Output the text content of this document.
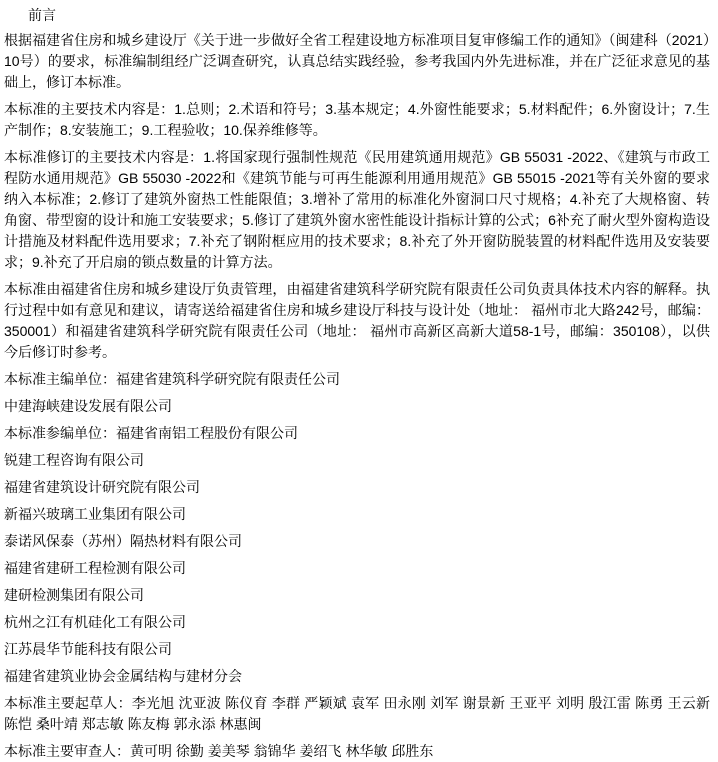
前言

根据福建省住房和城乡建设厅《关于进一步做好全省工程建设地方标准项目复审修编工作的通知》（闽建科（2021）10号）的要求，标准编制组经广泛调查研究，认真总结实践经验，参考我国内外先进标准，并在广泛征求意见的基础上，修订本标准。

本标准的主要技术内容是：1.总则；2.术语和符号；3.基本规定；4.外窗性能要求；5.材料配件；6.外窗设计；7.生产制作；8.安装施工；9.工程验收；10.保养维修等。

本标准修订的主要技术内容是：1.将国家现行强制性规范《民用建筑通用规范》GB 55031 -2022、《建筑与市政工程防水通用规范》GB 55030 -2022和《建筑节能与可再生能源利用通用规范》GB 55015 -2021等有关外窗的要求纳入本标准；2.修订了建筑外窗热工性能限值；3.增补了常用的标准化外窗洞口尺寸规格；4.补充了大规格窗、转角窗、带型窗的设计和施工安装要求；5.修订了建筑外窗水密性能设计指标计算的公式；6补充了耐火型外窗构造设计措施及材料配件选用要求；7.补充了钢附框应用的技术要求；8.补充了外开窗防脱装置的材料配件选用及安装要求；9.补充了开启扇的锁点数量的计算方法。

本标准由福建省住房和城乡建设厅负责管理，由福建省建筑科学研究院有限责任公司负责具体技术内容的解释。执行过程中如有意见和建议，请寄送给福建省住房和城乡建设厅科技与设计处（地址： 福州市北大路242号，邮编：350001）和福建省建筑科学研究院有限责任公司（地址： 福州市高新区高新大道58-1号，邮编：350108），以供今后修订时参考。

本标准主编单位：福建省建筑科学研究院有限责任公司

中建海峡建设发展有限公司

本标准参编单位：福建省南铝工程股份有限公司

锐建工程咨询有限公司

福建省建筑设计研究院有限公司

新福兴玻璃工业集团有限公司

泰诺风保泰（苏州）隔热材料有限公司

福建省建研工程检测有限公司

建研检测集团有限公司

杭州之江有机硅化工有限公司

江苏晨华节能科技有限公司

福建省建筑业协会金属结构与建材分会

本标准主要起草人：李光旭 沈亚波 陈仪育 李群 严颖斌 袁军 田永刚 刘军 谢景新 王亚平 刘明 殷江雷 陈勇 王云新 陈恺 桑叶靖 郑志敏 陈友梅 郭永添 林惠闽

本标准主要审查人：黄可明 徐勤 姜美琴 翁锦华 姜绍飞 林华敏 邱胜东
